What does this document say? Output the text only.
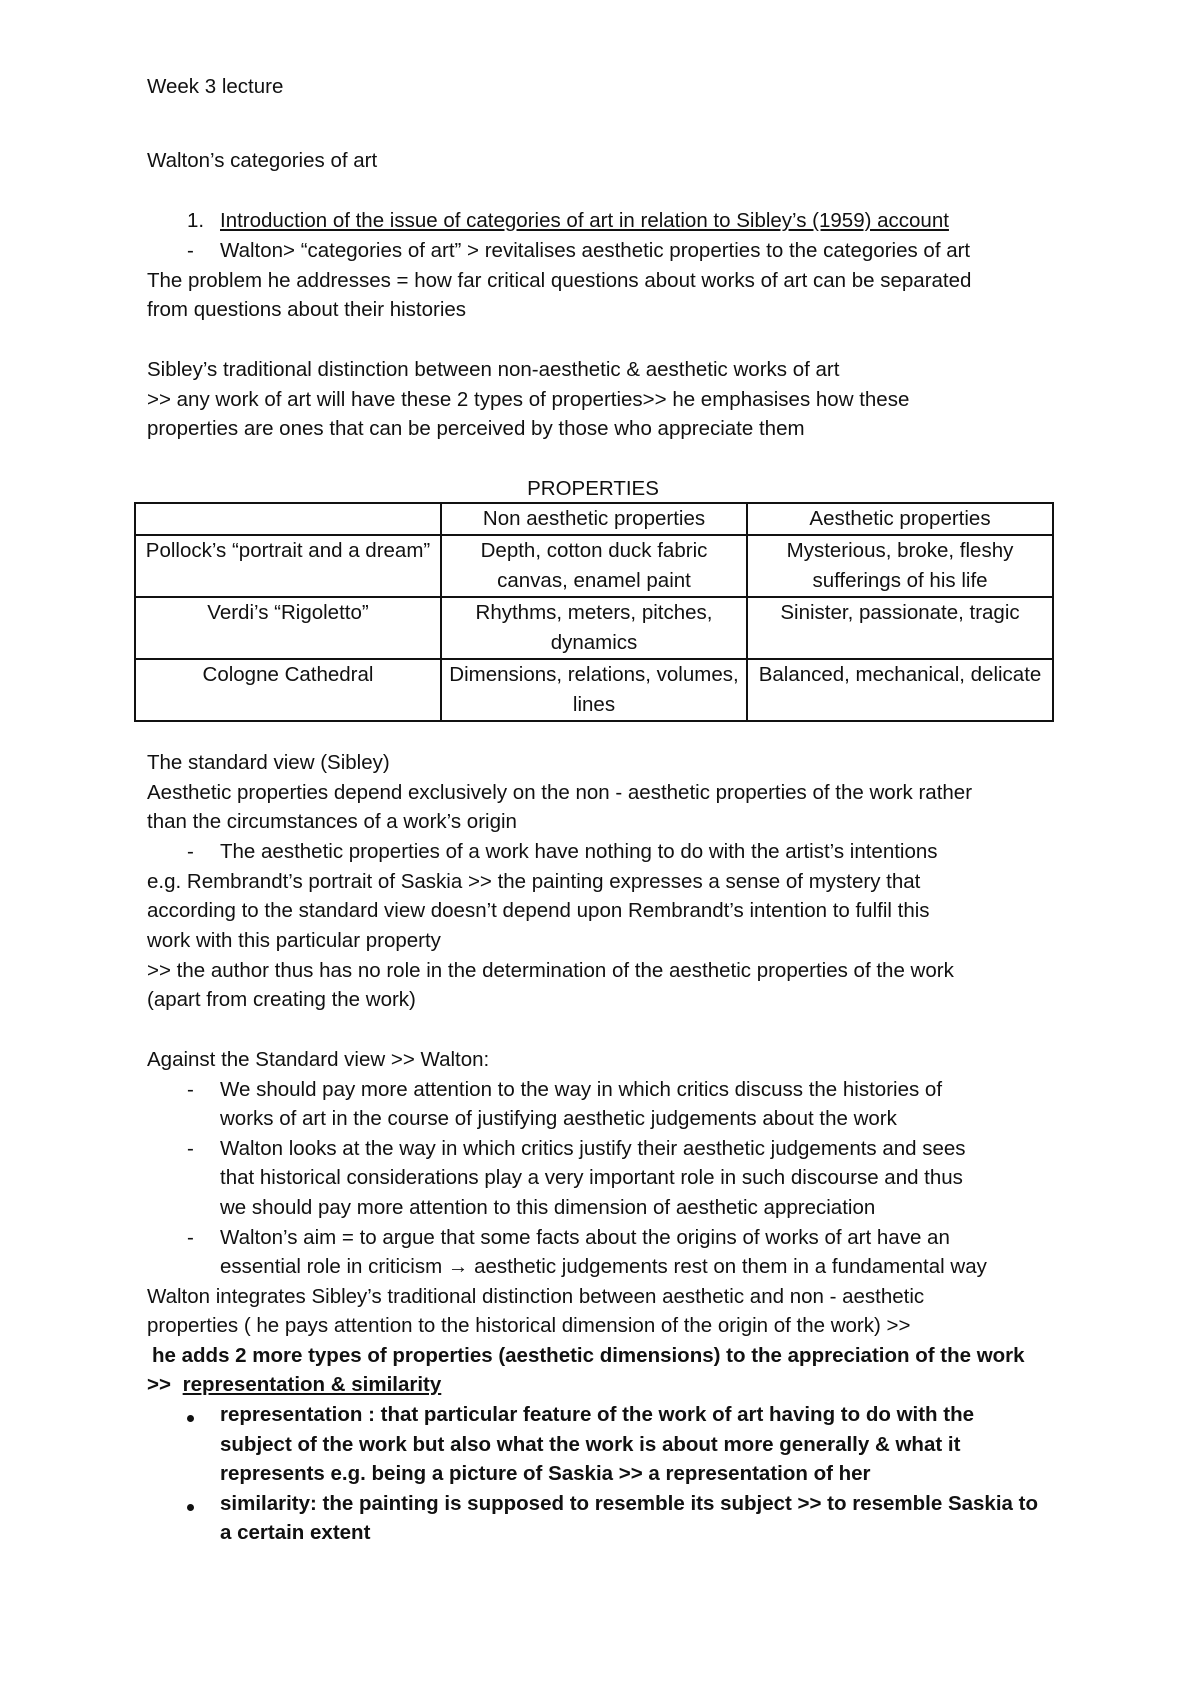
Week 3 lecture
Walton’s categories of art
1. Introduction of the issue of categories of art in relation to Sibley’s (1959) account
- Walton> “categories of art” > revitalises aesthetic properties to the categories of art
The problem he addresses = how far critical questions about works of art can be separated
from questions about their histories
Sibley’s traditional distinction between non-aesthetic & aesthetic works of art
>> any work of art will have these 2 types of properties>> he emphasises how these
properties are ones that can be perceived by those who appreciate them
PROPERTIES
	Non aesthetic properties	Aesthetic properties
Pollock’s “portrait and a dream”	Depth, cotton duck fabric canvas, enamel paint	Mysterious, broke, fleshy sufferings of his life
Verdi’s “Rigoletto”	Rhythms, meters, pitches, dynamics	Sinister, passionate, tragic
Cologne Cathedral	Dimensions, relations, volumes, lines	Balanced, mechanical, delicate
The standard view (Sibley)
Aesthetic properties depend exclusively on the non - aesthetic properties of the work rather
than the circumstances of a work’s origin
- The aesthetic properties of a work have nothing to do with the artist’s intentions
e.g. Rembrandt’s portrait of Saskia >> the painting expresses a sense of mystery that
according to the standard view doesn’t depend upon Rembrandt’s intention to fulfil this
work with this particular property
>> the author thus has no role in the determination of the aesthetic properties of the work
(apart from creating the work)
Against the Standard view >> Walton:
- We should pay more attention to the way in which critics discuss the histories of
works of art in the course of justifying aesthetic judgements about the work
- Walton looks at the way in which critics justify their aesthetic judgements and sees
that historical considerations play a very important role in such discourse and thus
we should pay more attention to this dimension of aesthetic appreciation
- Walton’s aim = to argue that some facts about the origins of works of art have an
essential role in criticism → aesthetic judgements rest on them in a fundamental way
Walton integrates Sibley’s traditional distinction between aesthetic and non - aesthetic
properties ( he pays attention to the historical dimension of the origin of the work) >>
he adds 2 more types of properties (aesthetic dimensions) to the appreciation of the work
>> representation & similarity
representation : that particular feature of the work of art having to do with the
subject of the work but also what the work is about more generally & what it
represents e.g. being a picture of Saskia >> a representation of her
similarity: the painting is supposed to resemble its subject >> to resemble Saskia to
a certain extent
